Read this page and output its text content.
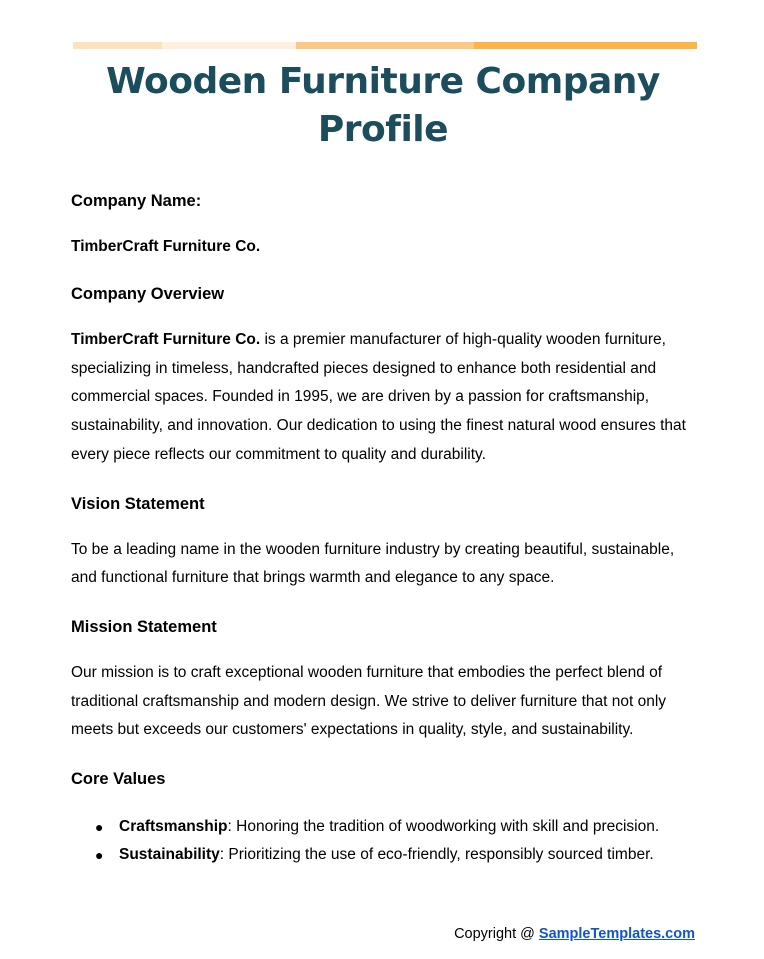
Wooden Furniture Company Profile

Company Name:

TimberCraft Furniture Co.

Company Overview

TimberCraft Furniture Co. is a premier manufacturer of high-quality wooden furniture, specializing in timeless, handcrafted pieces designed to enhance both residential and commercial spaces. Founded in 1995, we are driven by a passion for craftsmanship, sustainability, and innovation. Our dedication to using the finest natural wood ensures that every piece reflects our commitment to quality and durability.

Vision Statement

To be a leading name in the wooden furniture industry by creating beautiful, sustainable, and functional furniture that brings warmth and elegance to any space.

Mission Statement

Our mission is to craft exceptional wooden furniture that embodies the perfect blend of traditional craftsmanship and modern design. We strive to deliver furniture that not only meets but exceeds our customers' expectations in quality, style, and sustainability.

Core Values

● Craftsmanship: Honoring the tradition of woodworking with skill and precision.
● Sustainability: Prioritizing the use of eco-friendly, responsibly sourced timber.
Copyright @ SampleTemplates.com
